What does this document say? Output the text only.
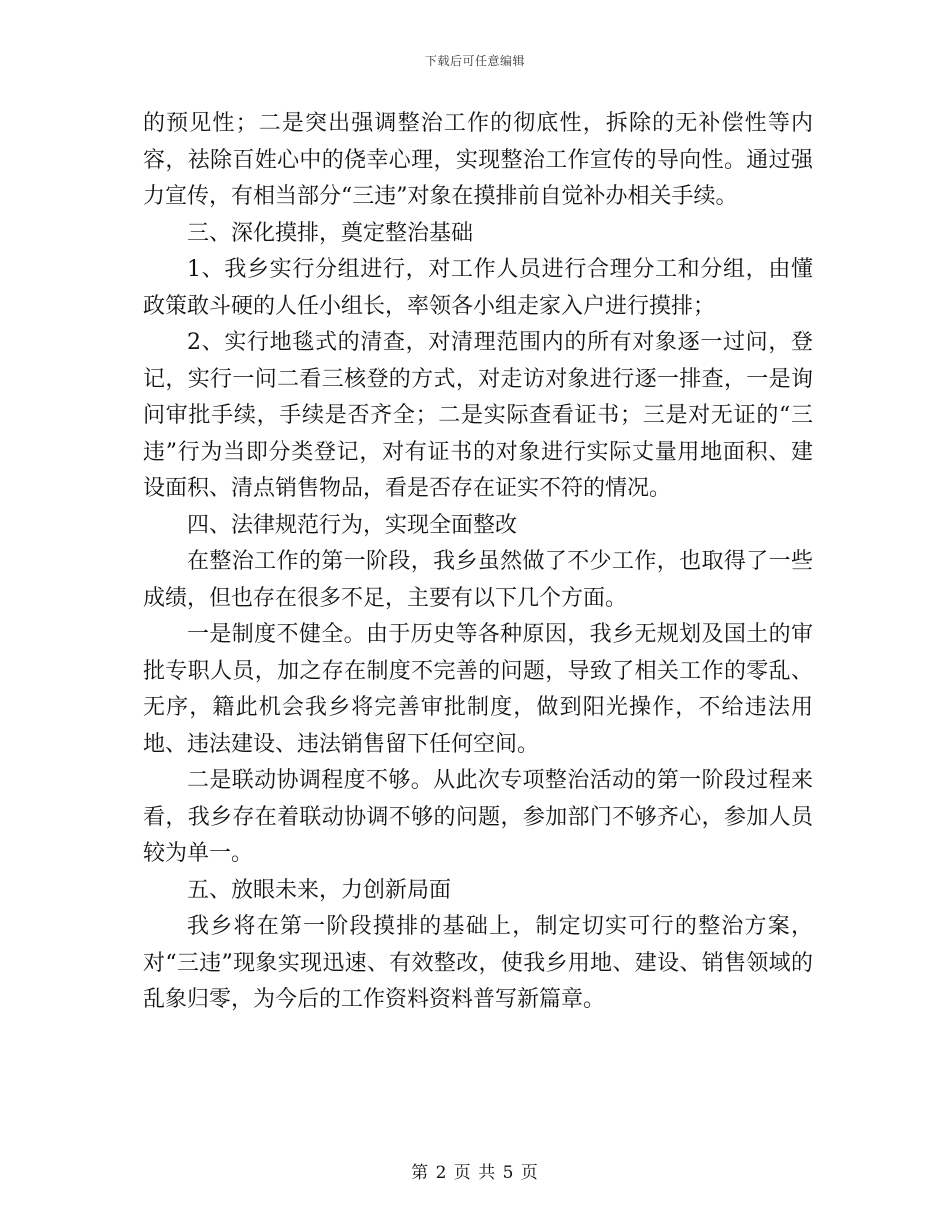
下载后可任意编辑

的预见性；二是突出强调整治工作的彻底性，拆除的无补偿性等内容，祛除百姓心中的侥幸心理，实现整治工作宣传的导向性。通过强力宣传，有相当部分“三违”对象在摸排前自觉补办相关手续。

三、深化摸排，奠定整治基础

1、我乡实行分组进行，对工作人员进行合理分工和分组，由懂政策敢斗硬的人任小组长，率领各小组走家入户进行摸排；

2、实行地毯式的清查，对清理范围内的所有对象逐一过问，登记，实行一问二看三核登的方式，对走访对象进行逐一排查，一是询问审批手续，手续是否齐全；二是实际查看证书；三是对无证的“三违”行为当即分类登记，对有证书的对象进行实际丈量用地面积、建设面积、清点销售物品，看是否存在证实不符的情况。

四、法律规范行为，实现全面整改

在整治工作的第一阶段，我乡虽然做了不少工作，也取得了一些成绩，但也存在很多不足，主要有以下几个方面。

一是制度不健全。由于历史等各种原因，我乡无规划及国土的审批专职人员，加之存在制度不完善的问题，导致了相关工作的零乱、无序，籍此机会我乡将完善审批制度，做到阳光操作，不给违法用地、违法建设、违法销售留下任何空间。

二是联动协调程度不够。从此次专项整治活动的第一阶段过程来看，我乡存在着联动协调不够的问题，参加部门不够齐心，参加人员较为单一。

五、放眼未来，力创新局面

我乡将在第一阶段摸排的基础上，制定切实可行的整治方案，对“三违”现象实现迅速、有效整改，使我乡用地、建设、销售领域的乱象归零，为今后的工作资料资料普写新篇章。

第 2 页 共 5 页
